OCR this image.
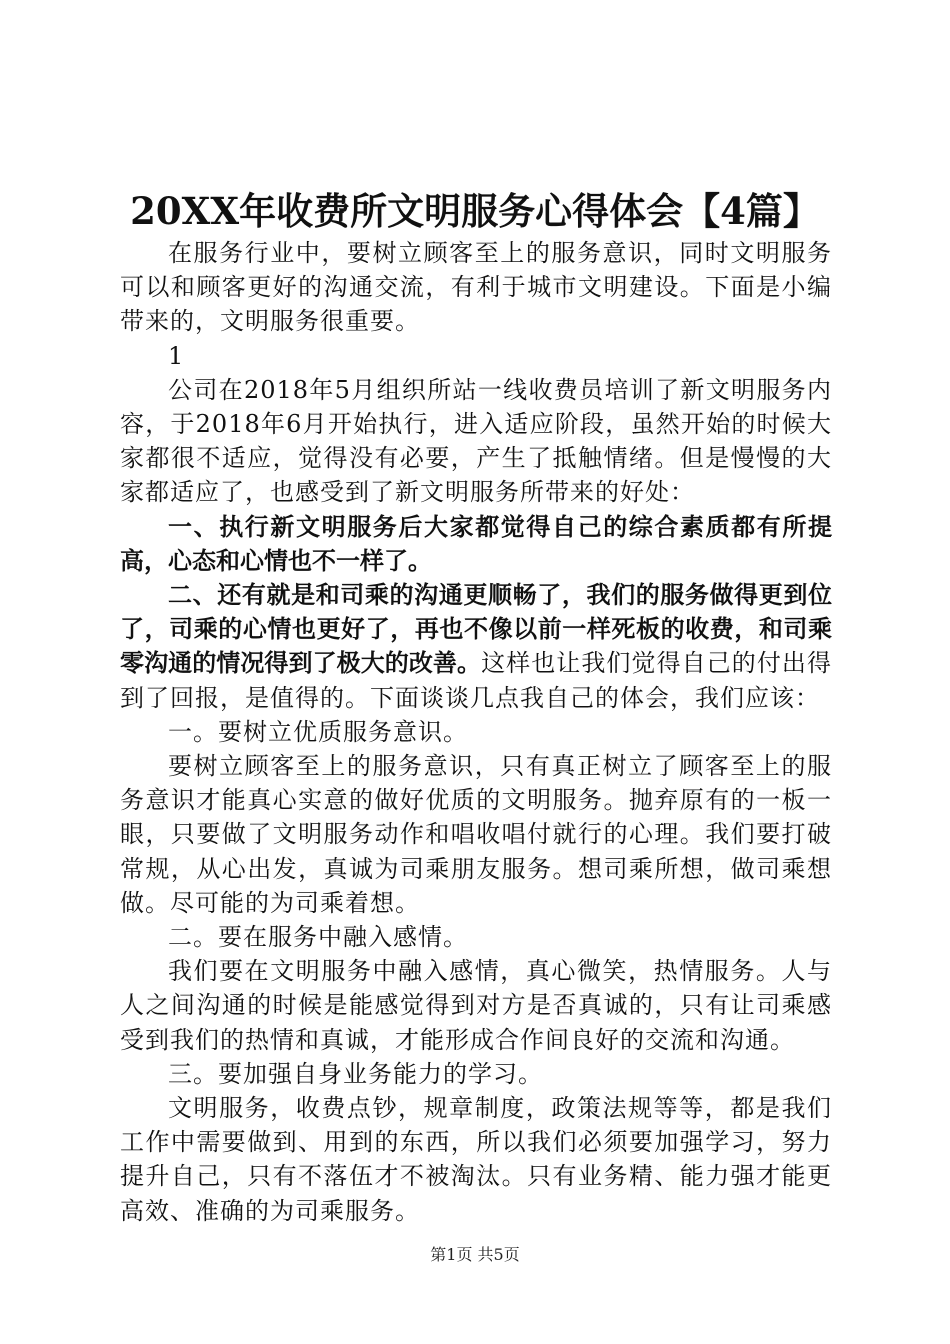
20XX年收费所文明服务心得体会【4篇】

在服务行业中，要树立顾客至上的服务意识，同时文明服务可以和顾客更好的沟通交流，有利于城市文明建设。下面是小编带来的，文明服务很重要。

1

公司在2018年5月组织所站一线收费员培训了新文明服务内容，于2018年6月开始执行，进入适应阶段，虽然开始的时候大家都很不适应，觉得没有必要，产生了抵触情绪。但是慢慢的大家都适应了，也感受到了新文明服务所带来的好处：

一、执行新文明服务后大家都觉得自己的综合素质都有所提高，心态和心情也不一样了。

二、还有就是和司乘的沟通更顺畅了，我们的服务做得更到位了，司乘的心情也更好了，再也不像以前一样死板的收费，和司乘零沟通的情况得到了极大的改善。这样也让我们觉得自己的付出得到了回报，是值得的。下面谈谈几点我自己的体会，我们应该：

一。要树立优质服务意识。

要树立顾客至上的服务意识，只有真正树立了顾客至上的服务意识才能真心实意的做好优质的文明服务。抛弃原有的一板一眼，只要做了文明服务动作和唱收唱付就行的心理。我们要打破常规，从心出发，真诚为司乘朋友服务。想司乘所想，做司乘想做。尽可能的为司乘着想。

二。要在服务中融入感情。

我们要在文明服务中融入感情，真心微笑，热情服务。人与人之间沟通的时候是能感觉得到对方是否真诚的，只有让司乘感受到我们的热情和真诚，才能形成合作间良好的交流和沟通。

三。要加强自身业务能力的学习。

文明服务，收费点钞，规章制度，政策法规等等，都是我们工作中需要做到、用到的东西，所以我们必须要加强学习，努力提升自己，只有不落伍才不被淘汰。只有业务精、能力强才能更高效、准确的为司乘服务。

第1页 共5页
